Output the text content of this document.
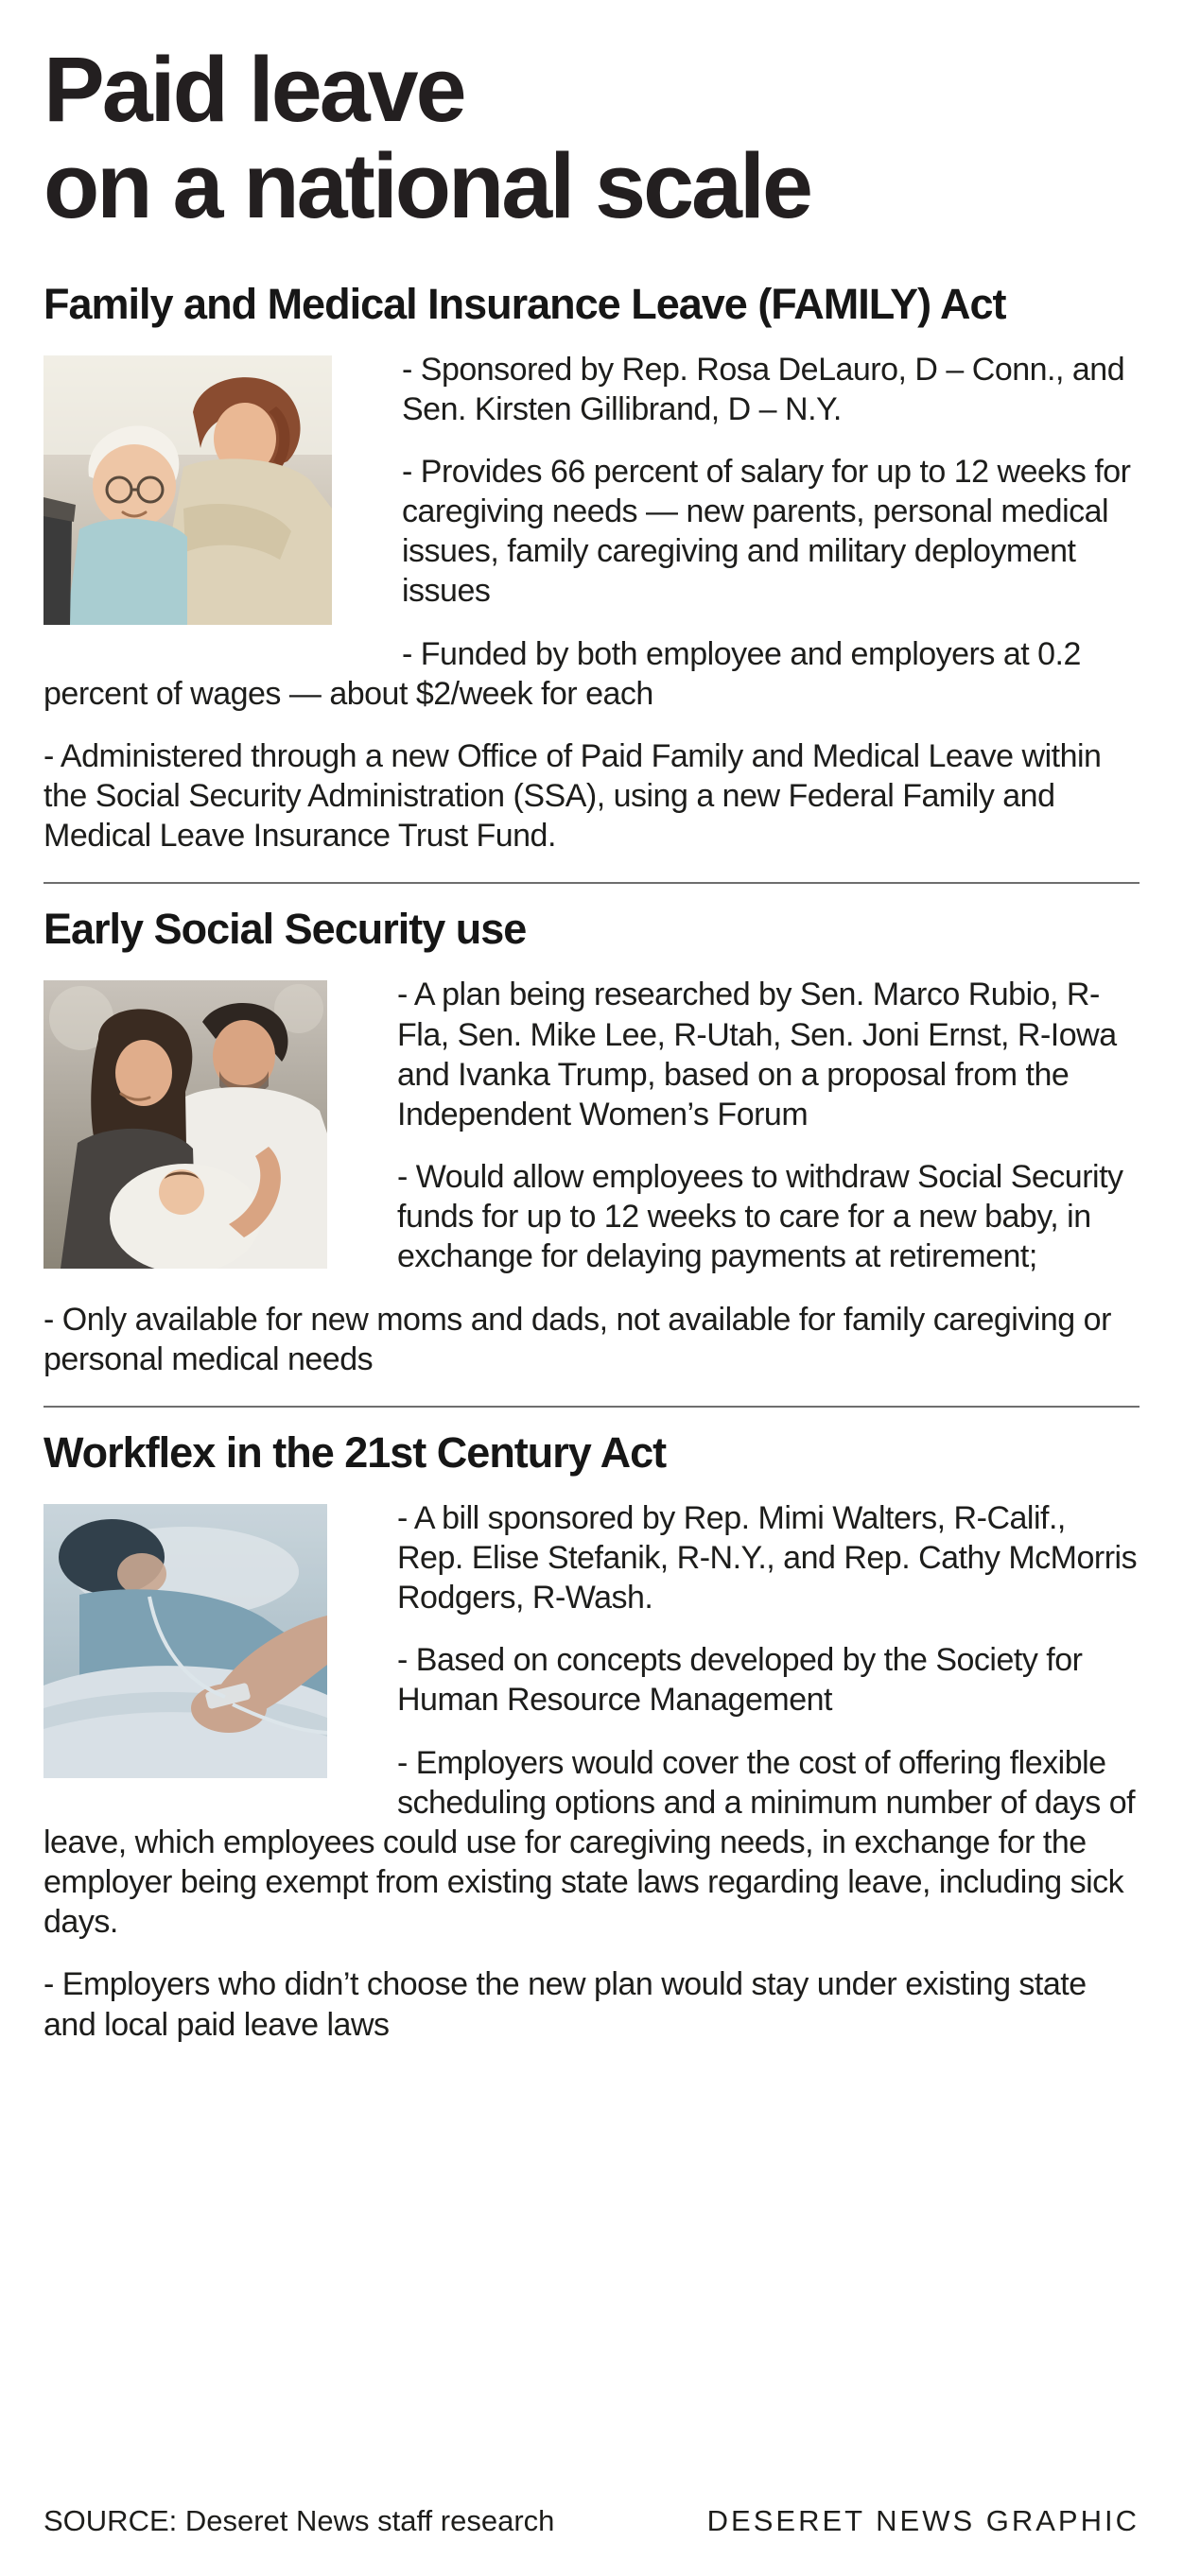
Paid leave
on a national scale
Family and Medical Insurance Leave (FAMILY) Act

- Sponsored by Rep. Rosa DeLauro, D – Conn., and Sen. Kirsten Gillibrand, D – N.Y.

- Provides 66 percent of salary for up to 12 weeks for caregiving needs — new parents, personal medical issues, family caregiving and military deployment issues

- Funded by both employee and employers at 0.2 percent of wages — about $2/week for each

- Administered through a new Office of Paid Family and Medical Leave within the Social Security Administration (SSA), using a new Federal Family and Medical Leave Insurance Trust Fund.

Early Social Security use

- A plan being researched by Sen. Marco Rubio, R-Fla, Sen. Mike Lee, R-Utah, Sen. Joni Ernst, R-Iowa and Ivanka Trump, based on a proposal from the Independent Women’s Forum

- Would allow employees to withdraw Social Security funds for up to 12 weeks to care for a new baby, in exchange for delaying payments at retirement;

- Only available for new moms and dads, not available for family caregiving or personal medical needs

Workflex in the 21st Century Act

- A bill sponsored by Rep. Mimi Walters, R-Calif., Rep. Elise Stefanik, R-N.Y., and Rep. Cathy McMorris Rodgers, R-Wash.

- Based on concepts developed by the Society for Human Resource Management

- Employers would cover the cost of offering flexible scheduling options and a minimum number of days of leave, which employees could use for caregiving needs, in exchange for the employer being exempt from existing state laws regarding leave, including sick days.

- Employers who didn’t choose the new plan would stay under existing state and local paid leave laws

SOURCE: Deseret News staff research	DESERET NEWS GRAPHIC
